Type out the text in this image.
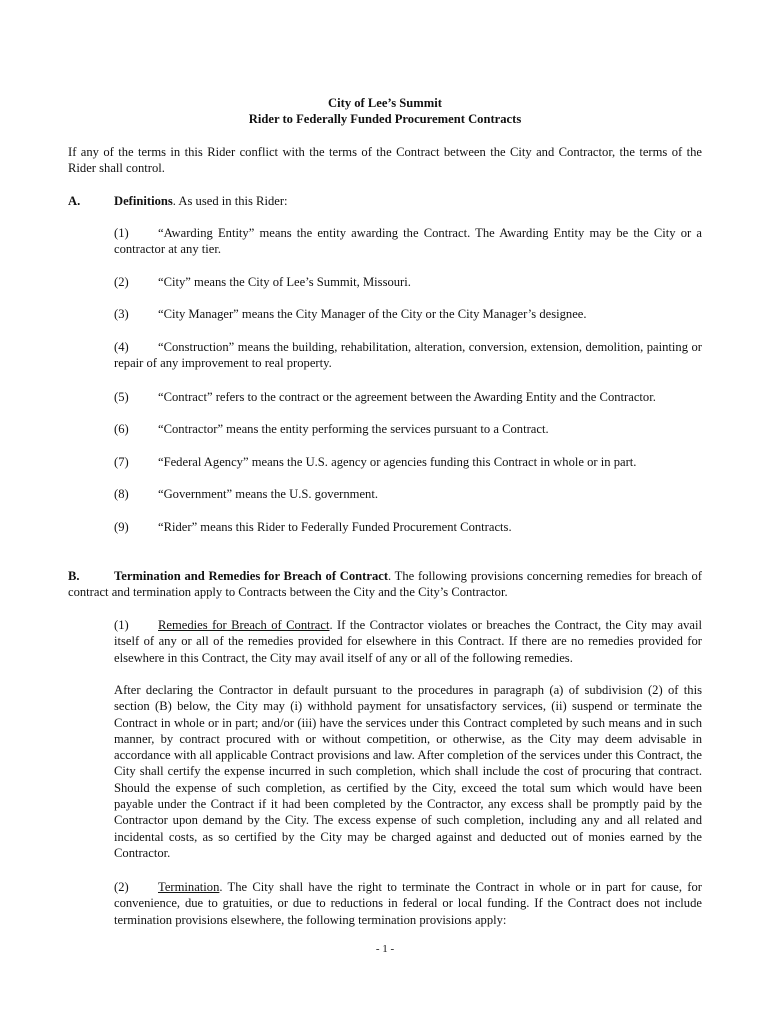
City of Lee’s Summit
Rider to Federally Funded Procurement Contracts
If any of the terms in this Rider conflict with the terms of the Contract between the City and Contractor, the terms of the Rider shall control.
A.	Definitions. As used in this Rider:
(1) “Awarding Entity” means the entity awarding the Contract. The Awarding Entity may be the City or a contractor at any tier.
(2) “City” means the City of Lee’s Summit, Missouri.
(3) “City Manager” means the City Manager of the City or the City Manager’s designee.
(4) “Construction” means the building, rehabilitation, alteration, conversion, extension, demolition, painting or repair of any improvement to real property.
(5) “Contract” refers to the contract or the agreement between the Awarding Entity and the Contractor.
(6) “Contractor” means the entity performing the services pursuant to a Contract.
(7) “Federal Agency” means the U.S. agency or agencies funding this Contract in whole or in part.
(8) “Government” means the U.S. government.
(9) “Rider” means this Rider to Federally Funded Procurement Contracts.
B.	Termination and Remedies for Breach of Contract. The following provisions concerning remedies for breach of contract and termination apply to Contracts between the City and the City’s Contractor.
(1) Remedies for Breach of Contract. If the Contractor violates or breaches the Contract, the City may avail itself of any or all of the remedies provided for elsewhere in this Contract. If there are no remedies provided for elsewhere in this Contract, the City may avail itself of any or all of the following remedies.
After declaring the Contractor in default pursuant to the procedures in paragraph (a) of subdivision (2) of this section (B) below, the City may (i) withhold payment for unsatisfactory services, (ii) suspend or terminate the Contract in whole or in part; and/or (iii) have the services under this Contract completed by such means and in such manner, by contract procured with or without competition, or otherwise, as the City may deem advisable in accordance with all applicable Contract provisions and law. After completion of the services under this Contract, the City shall certify the expense incurred in such completion, which shall include the cost of procuring that contract. Should the expense of such completion, as certified by the City, exceed the total sum which would have been payable under the Contract if it had been completed by the Contractor, any excess shall be promptly paid by the Contractor upon demand by the City. The excess expense of such completion, including any and all related and incidental costs, as so certified by the City may be charged against and deducted out of monies earned by the Contractor.
(2) Termination. The City shall have the right to terminate the Contract in whole or in part for cause, for convenience, due to gratuities, or due to reductions in federal or local funding. If the Contract does not include termination provisions elsewhere, the following termination provisions apply:
- 1 -
